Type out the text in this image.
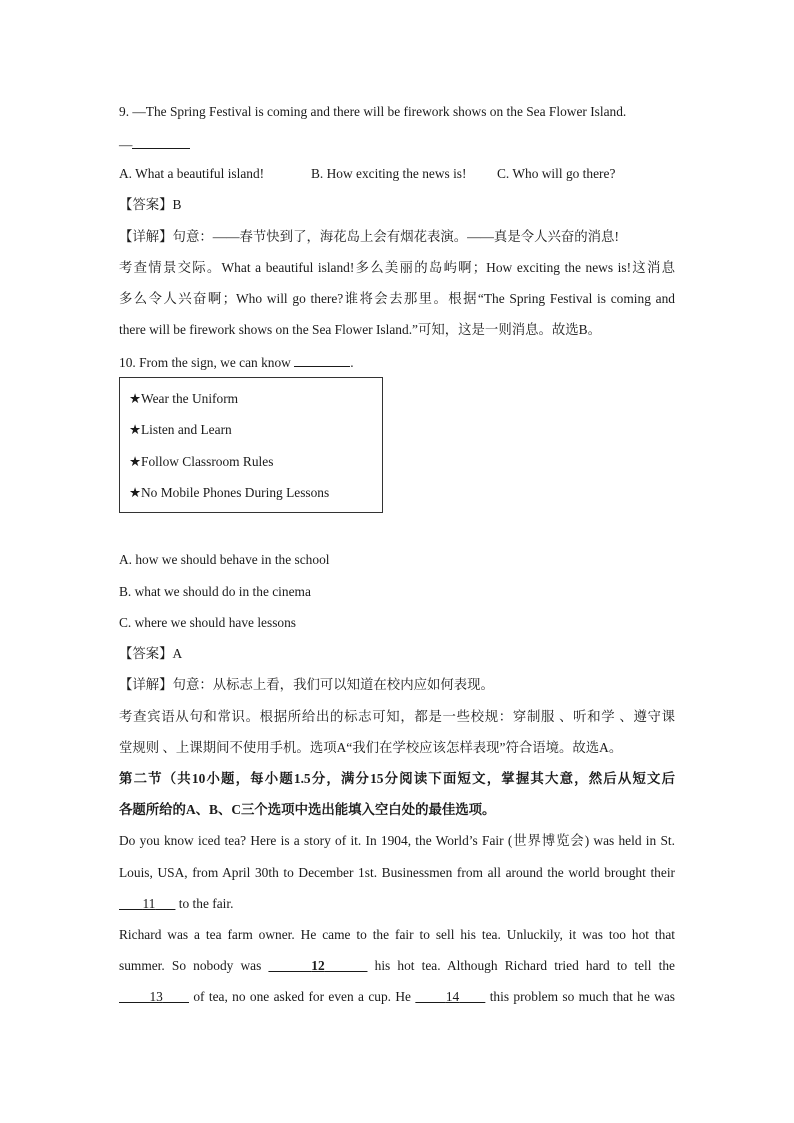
9. —The Spring Festival is coming and there will be firework shows on the Sea Flower Island.
—
A. What a beautiful island!	B. How exciting the news is! C. Who will go there?
【答案】B
【详解】句意：——春节快到了，海花岛上会有烟花表演。——真是令人兴奋的消息!
考查情景交际。What a beautiful island!多么美丽的岛屿啊；How exciting the news is!这消息
多么令人兴奋啊；Who will go there?谁将会去那里。根据“The Spring Festival is coming and
there will be firework shows on the Sea Flower Island.”可知，这是一则消息。故选B。
10. From the sign, we can know	.
★Wear the Uniform
★Listen and Learn
★Follow Classroom Rules
★No Mobile Phones During Lessons
A. how we should behave in the school
B. what we should do in the cinema
C. where we should have lessons
【答案】A
【详解】句意：从标志上看，我们可以知道在校内应如何表现。
考查宾语从句和常识。根据所给出的标志可知，都是一些校规：穿制服 、听和学 、遵守课
堂规则 、上课期间不使用手机。选项A“我们在学校应该怎样表现”符合语境。故选A。
第二节（共10小题，每小题1.5分，满分15分阅读下面短文，掌握其大意，然后从短文后
各题所给的A、B、C三个选项中选出能填入空白处的最佳选项。
Do you know iced tea? Here is a story of it. In 1904, the World’s Fair (世界博览会) was held in St.
Louis, USA, from April 30th to December 1st. Businessmen from all around the world brought their
11       to the fair.
Richard was a tea farm owner. He came to the fair to sell his tea. Unluckily, it was too hot that
summer. So nobody was	12	his hot tea. Although Richard tried hard to tell the
13       of tea, no one asked for even a cup. He        14       this problem so much that he was
